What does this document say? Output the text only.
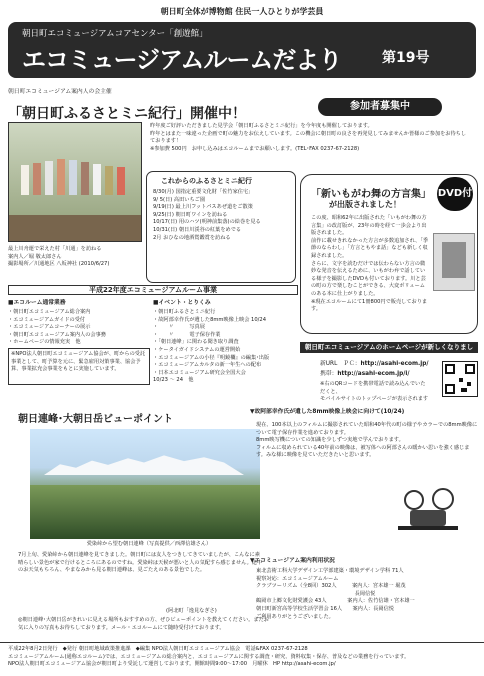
朝日町全体が博物館 住民一人ひとりが学芸員
朝日町エコミュージアムコアセンター「創遊館」
エコミュージアムルームだより	第19号
朝日町エコミュージアム案内人の会主催
「朝日町ふるさとミニ紀行」開催中！
最上川舟運で栄えた村「川通」を訪ねる
案内人／堀 敬太郎さん
撮影場所／川通地区 八坂神社 (2010/6/27)
参加者募集中
昨年度ご好評いただきました見学会「朝日町ふるさとミニ紀行」を今年度も開催しております。
昨年とはまた一味違った企画で町の魅力をお伝えしています。この機会に朝日町の良さを再発見してみませんか皆様のご参加をお待ちしております！
※参加費 500円　お申し込みはエコルームまでお願いします。(TEL･FAX 0237-67-2128)
これからのふるさとミニ紀行
8/30(月) 国指定重要文化財「佐竹家住宅」
9/ 5(日) 高田いちご園
9/19(日) 最上川フットパスあぜ道をご散策
9/25(日) 朝日町ワインを訪ねる
10/17(日) 用のハツ(明神前集落)の絵巻を見る
10/31(日) 朝日川渓谷の紅葉をめでる
2月 おひなの地酒賞鑑賞を訪ねる
「新いもがわ舞の方言集」
が出版されました！
DVD付
この度、昭和62年に出版された「いもがわ舞の方言集」の改訂版が、23年の時を経て一歩会より出版されました。
前作に載せきれなかった方言が多数追加され、「季節のならわし」「方言ともやま話」なども新しく収録されました。
さらに、文字を読むだけでは伝わらない方言の微妙な発音を伝えるために、いもがわ弁で話している様子を撮影したDVDも付いております。川と芸の町の方で楽しむことができる、大変ボリュームのある本に仕上がりました。
※現在エコルームにて1冊800円で販売しております。
平成22年度エコミュージアムルーム事業
■エコルーム通常業務
・朝日町エコミュージアム総合案内
・エコミュージアムガイドの受付
・エコミュージアムコーナーの展示
・朝日町エコミュージアム案内人の会事務
・ホームページの情報充実　他
※NPO法人朝日町エコミュージアム協会が、町からの受託事業として、町予算を元に、緊急雇用対策事業、協会予算、事業拡充会事業をもとに実施しています。
■イベント・とりくみ
・朝日町ふるさとミニ紀行
・故阿部幸作氏が遺した8mm映像上映会 10/24
・　　〃　　　写真展
・　　〃　　　電子保存作業
・「朝日連峰」に関わる聞き取り調査
・ケータイガイドシステムの運営開始
・エコミュージアムの小径『明鏡欄』の編集･出版
・エコミュージアムカルタの新一年生への配布
・日本エコミュージアム研究会全国大会
10/23 〜 24　他
朝日町エコミュージアムのホームページが新しくなりました！
新URL　ＰＣ： http://asahi-ecom.jp/
携帯： http://asahi-ecom.jp/i/
※右のQRコードを携帯電話で読み込んでいただくと、
モバイルサイトのトップページが表示されます
朝日連峰･大朝日岳ビューポイント
愛染峠から望む朝日連峰（写真提供／西澤信雄さん）
7月上旬、愛染峠から朝日連峰を見てきました。朝日町には友人をつきしてきていましたが、こんなに素晴らしい景色が家で行けるところにあるのですね。愛染峠は天候が悪いと人の気配すら感じません。途中のお天気もちろん、やまなみから見る朝日連峰は、見ごたえのある景色でした。
(阿北町「逸見なぎさ)
◎朝日連峰･大朝日岳がきれいに見える場所もおすすめの方、ぜひビューポイントを教えてください。またお気に入りの写真もお待ちしております。メール・エコルームにて随時受付けております。
▼故阿部幸作氏が遺した8mm映像上映会に向けて(10/24)
現在、100本以上のフィルムに撮影されていた昭和40年代の町の様子やカラーでの8mm映像について電子保存作業を進めております。
8mm映写機についての知識を少しずつ実地で学んでおります。
フィルムに収められている40年前の映像は、被写体への阿部さんの暖かい思いを強く感じます。みな様に映像を見ていただきたいと思います。
▼エコミュージアム案内利用状況
東北芸術工科大学デザイン工学部建築・環境デザイン学科 71人
視察対応：エコミュージアムルーム
クラブツーリズム（全8回）302人　　　案内人：宮本雄一 堀茂
　　　　　　　　　　　　　　　　　　　長岡信悦
鶴岡市上郷文化財愛護会 43人　　　　案内人：佐竹信雄・宮本雄一
朝日町新宮高等学校生活学習会 16人　　案内人：長岡信悦
ご利用ありがとうございました。
平成22年8月2日発行　◆発行 朝日町地域政策推進課　◆編集 NPO法人朝日町エコミュージアム協会　電話&FAX 0237-67-2128
エコミュージアムルーム(通称エコルーム)では、エコミュージアムの総合案内と、エコミュージアムに関する調査・研究、資料収集・保存、普及などの業務を行っています。
NPO法人朝日町エコミュージアム協会が朝日町より受託して運営しております。開館時間9:00〜17:00　月曜休　HP http://asahi-ecom.jp/
